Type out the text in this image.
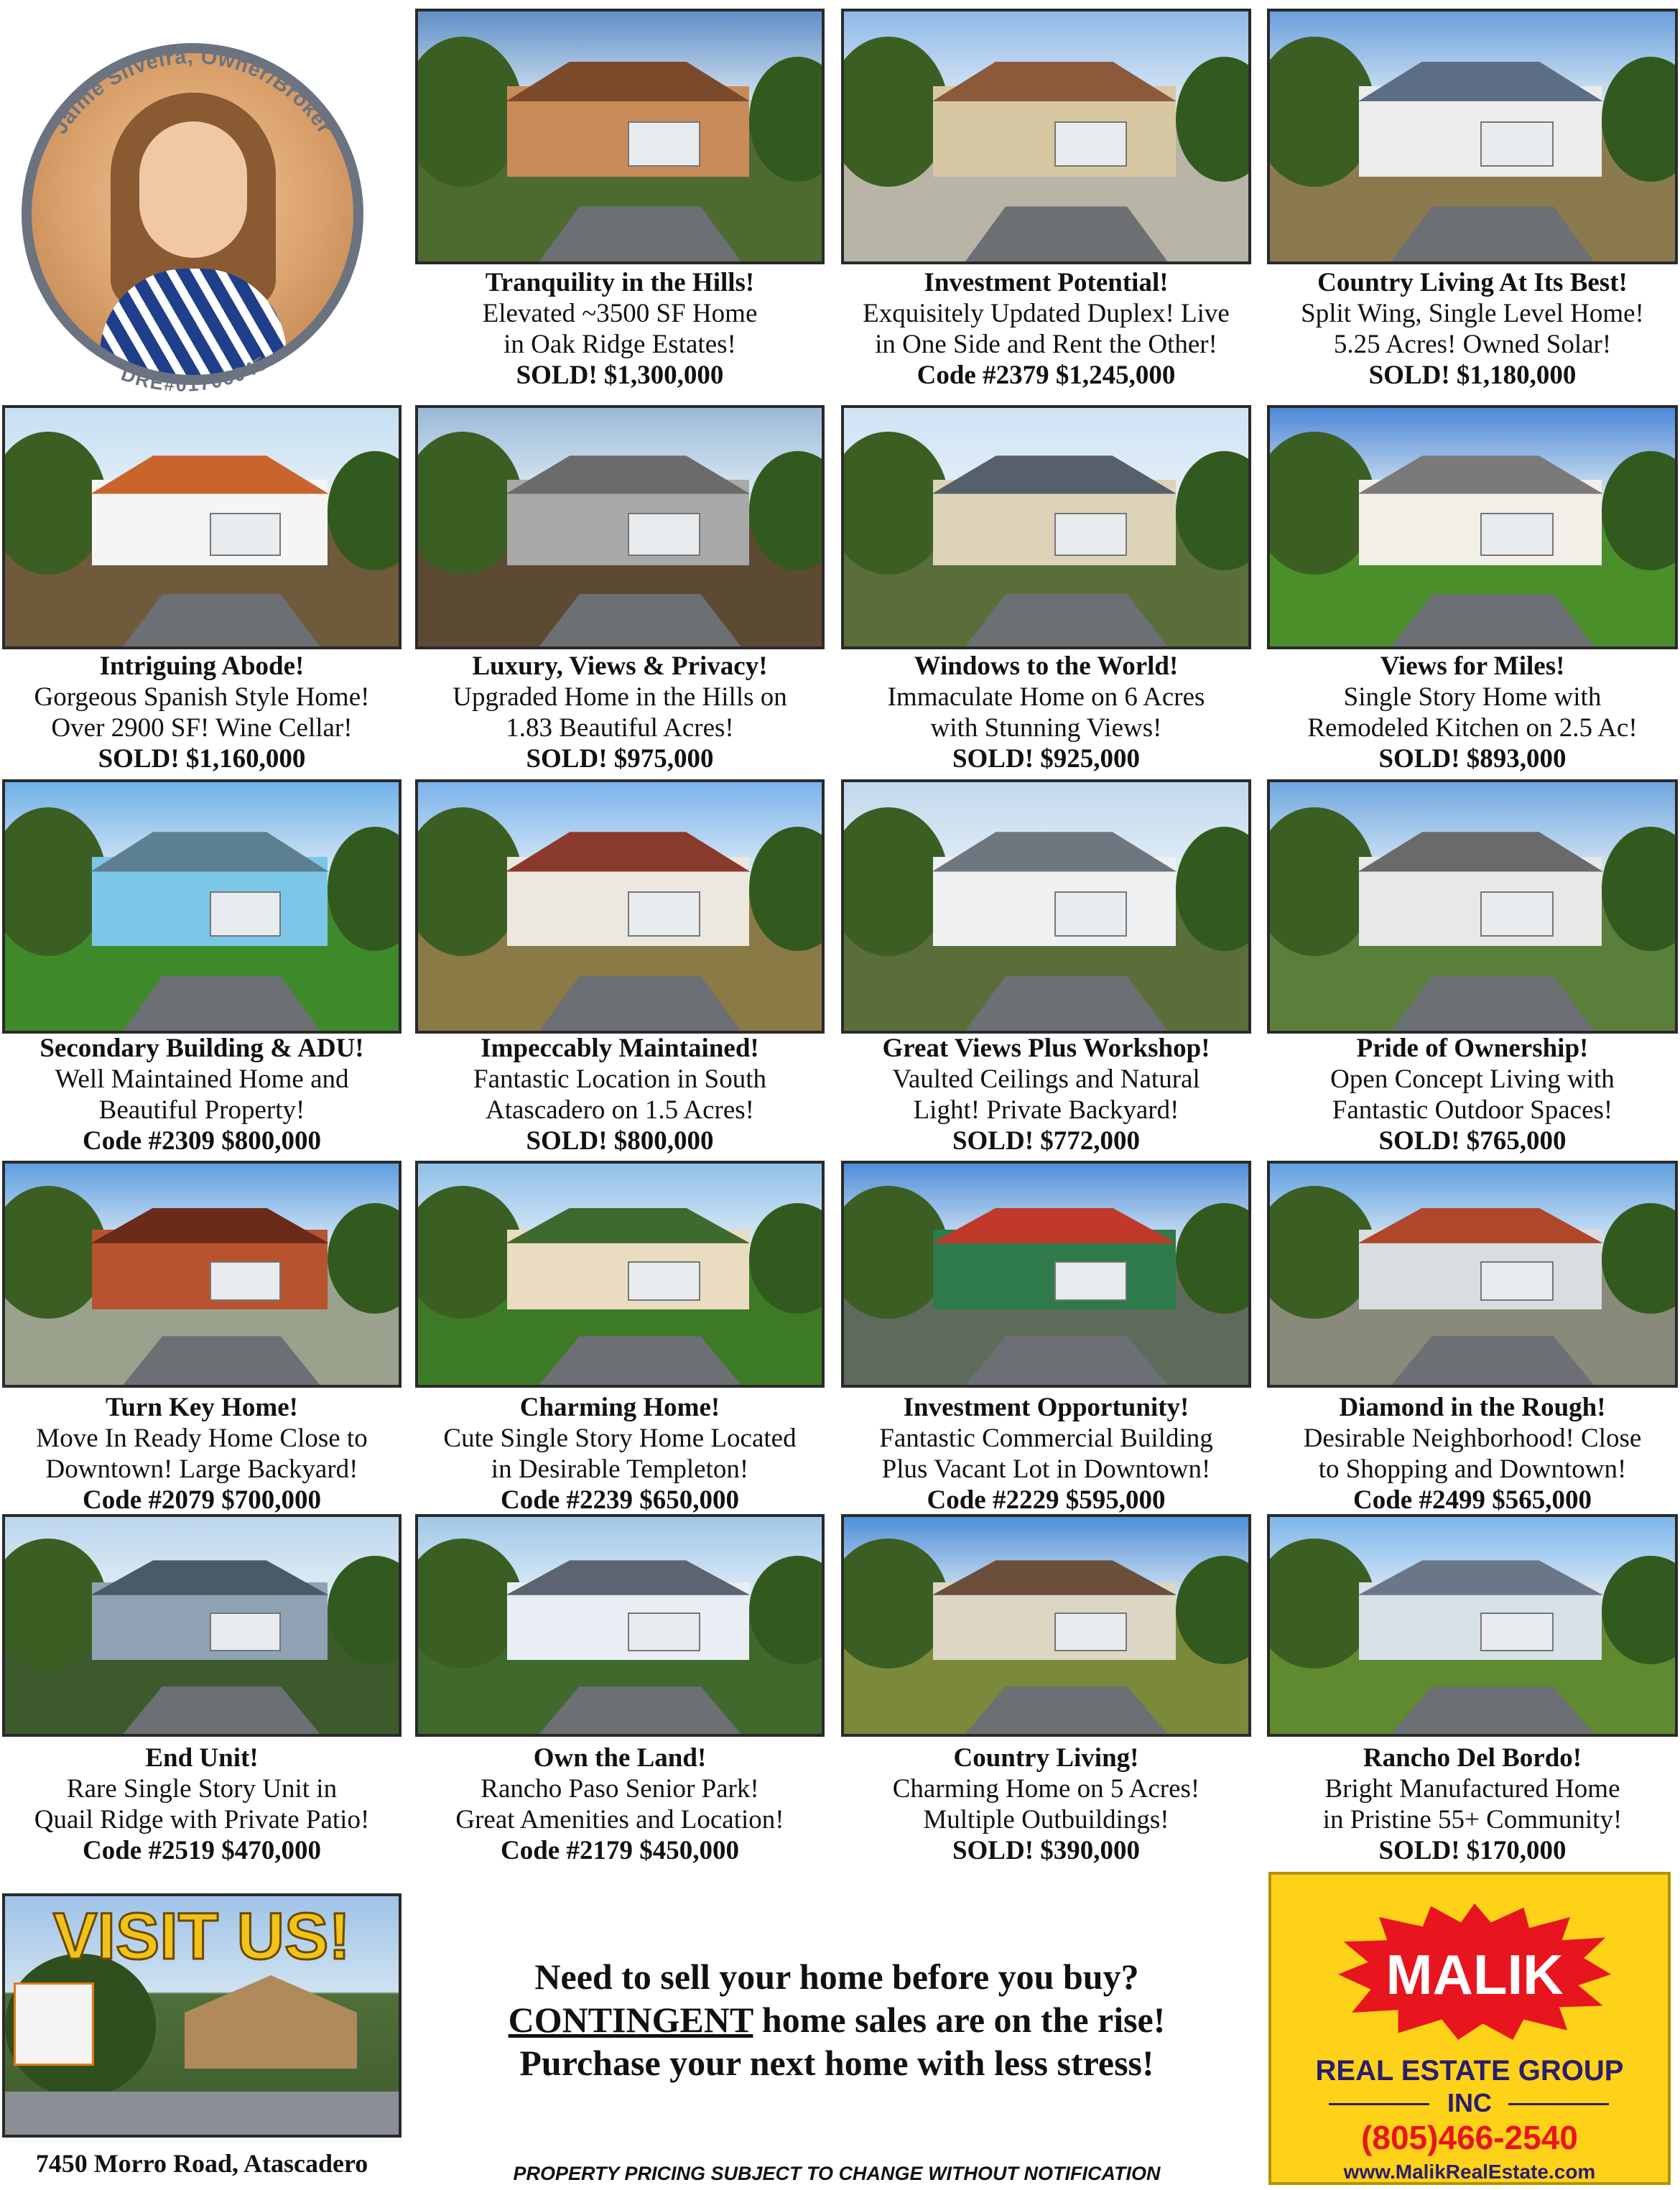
Jaime Silveira, Owner/Broker
DRE#01706045
Tranquility in the Hills!
Elevated ~3500 SF Home
in Oak Ridge Estates!
SOLD! $1,300,000
Investment Potential!
Exquisitely Updated Duplex! Live
in One Side and Rent the Other!
Code #2379 $1,245,000
Country Living At Its Best!
Split Wing, Single Level Home!
5.25 Acres! Owned Solar!
SOLD! $1,180,000
Intriguing Abode!
Gorgeous Spanish Style Home!
Over 2900 SF! Wine Cellar!
SOLD! $1,160,000
Luxury, Views & Privacy!
Upgraded Home in the Hills on
1.83 Beautiful Acres!
SOLD! $975,000
Windows to the World!
Immaculate Home on 6 Acres
with Stunning Views!
SOLD! $925,000
Views for Miles!
Single Story Home with
Remodeled Kitchen on 2.5 Ac!
SOLD! $893,000
Secondary Building & ADU!
Well Maintained Home and
Beautiful Property!
Code #2309 $800,000
Impeccably Maintained!
Fantastic Location in South
Atascadero on 1.5 Acres!
SOLD! $800,000
Great Views Plus Workshop!
Vaulted Ceilings and Natural
Light! Private Backyard!
SOLD! $772,000
Pride of Ownership!
Open Concept Living with
Fantastic Outdoor Spaces!
SOLD! $765,000
Turn Key Home!
Move In Ready Home Close to
Downtown! Large Backyard!
Code #2079 $700,000
Charming Home!
Cute Single Story Home Located
in Desirable Templeton!
Code #2239 $650,000
Investment Opportunity!
Fantastic Commercial Building
Plus Vacant Lot in Downtown!
Code #2229 $595,000
Diamond in the Rough!
Desirable Neighborhood! Close
to Shopping and Downtown!
Code #2499 $565,000
End Unit!
Rare Single Story Unit in
Quail Ridge with Private Patio!
Code #2519 $470,000
Own the Land!
Rancho Paso Senior Park!
Great Amenities and Location!
Code #2179 $450,000
Country Living!
Charming Home on 5 Acres!
Multiple Outbuildings!
SOLD! $390,000
Rancho Del Bordo!
Bright Manufactured Home
in Pristine 55+ Community!
SOLD! $170,000
VISIT US!
7450 Morro Road, Atascadero
Need to sell your home before you buy?
CONTINGENT home sales are on the rise!
Purchase your next home with less stress!
PROPERTY PRICING SUBJECT TO CHANGE WITHOUT NOTIFICATION
MALIK
REAL ESTATE GROUP
INC
(805)466-2540
www.MalikRealEstate.com
